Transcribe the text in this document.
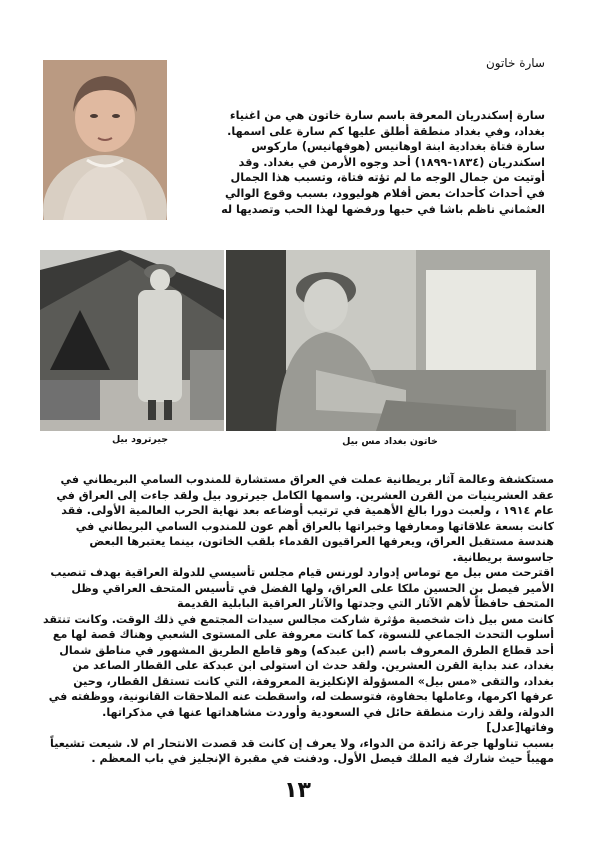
سارة خاتون
سارة إسكندريان المعرفة باسم سارة خاتون هي من اغنياء بغداد، وفي بغداد منطقة أطلق عليها كم سارة على اسمها. سارة فتاة بغدادية ابنة اوهانيس (هوفهانيس) ماركوس اسكندريان (١٨٣٤-١٨٩٩) أحد وجوه الأرمن في بغداد. وقد أوتيت من جمال الوجه ما لم تؤته فتاة، وتسبب هذا الجمال في أحداث كأحداث بعض أفلام هوليوود، بسبب وقوع الوالي العثماني ناظم باشا في حبها ورفضها لهذا الحب وتصديها له
جيرترود بيل	خاتون بغداد مس بيل

مستكشفة وعالمة آثار بريطانية عملت في العراق مستشارة للمندوب السامي البريطاني في عقد العشرينيات من القرن العشرين. واسمها الكامل جيرترود بيل ولقد جاءت إلى العراق في عام ١٩١٤ ، ولعبت دورا بالغ الأهمية في ترتيب أوضاعه بعد نهاية الحرب العالمية الأولى. فقد كانت بسعة علاقاتها ومعارفها وخبراتها بالعراق أهم عون للمندوب السامي البريطاني في هندسة مستقبل العراق، ويعرفها العراقيون القدماء بلقب الخاتون، بينما يعتبرها البعض جاسوسة بريطانية.

اقترحت مس بيل مع توماس إدوارد لورنس قيام مجلس تأسيسي للدولة العراقية بهدف تنصيب الأمير فيصل بن الحسين ملكا على العراق، ولها الفضل في تأسيس المتحف العراقي وظل المتحف حافظاً لأهم الآثار التي وجدتها والآثار العراقية البابلية القديمة

كانت مس بيل ذات شخصية مؤثرة شاركت مجالس سيدات المجتمع في ذلك الوقت. وكانت تنتقد أسلوب التحدث الجماعي للنسوة، كما كانت معروفة على المستوى الشعبي وهناك قصة لها مع أحد قطاع الطرق المعروف باسم (ابن عبدكه) وهو قاطع الطريق المشهور في مناطق شمال بغداد، عند بداية القرن العشرين. ولقد حدث ان استولى ابن عبدكة على القطار الصاعد من بغداد، والتقى «مس بيل» المسؤولة الإنكليزية المعروفة، التي كانت تستقل القطار، وحين عرفها اكرمها، وعاملها بحفاوة، فتوسطت له، واسقطت عنه الملاحقات القانونية، ووظفته في الدولة، ولقد زارت منطقة حائل في السعودية وأوردت مشاهداتها عنها في مذكراتها.

وفاتها[عدل]

بسبب تناولها جرعة زائدة من الدواء، ولا يعرف إن كانت قد قصدت الانتحار ام لا. شيعت تشيعياً مهيباً حيث شارك فيه الملك فيصل الأول. ودفنت في مقبرة الإنجليز في باب المعظم .

١٣
